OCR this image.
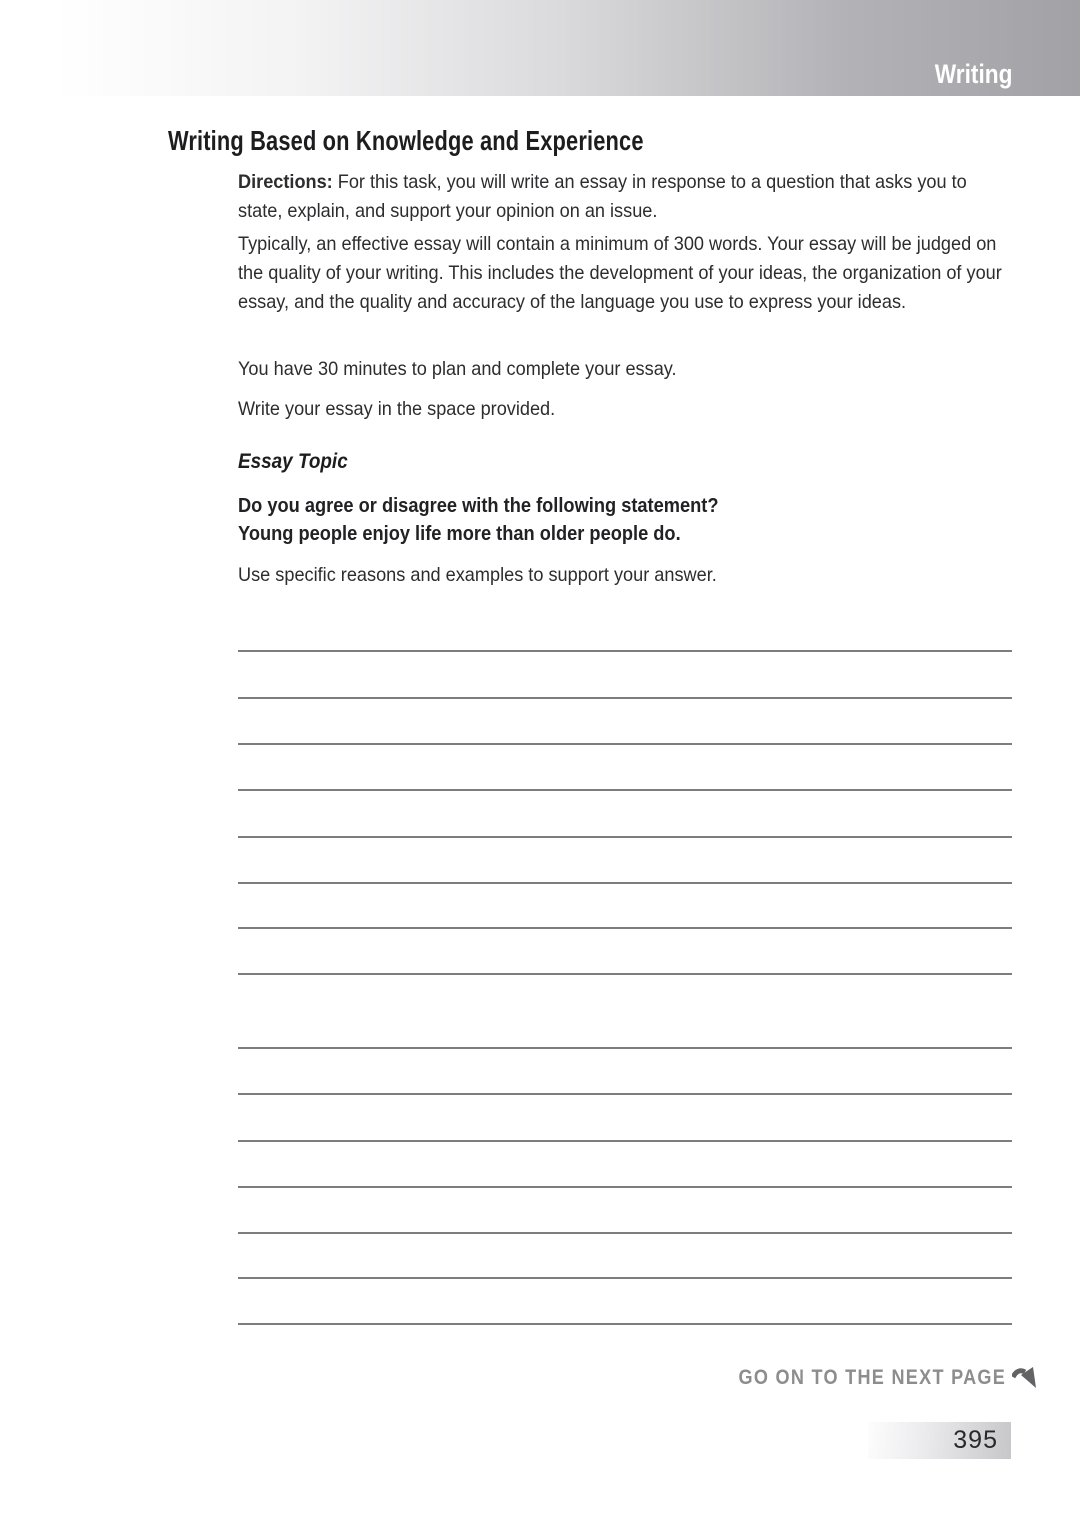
Writing
Writing Based on Knowledge and Experience

Directions: For this task, you will write an essay in response to a question that asks you to state, explain, and support your opinion on an issue.

Typically, an effective essay will contain a minimum of 300 words. Your essay will be judged on the quality of your writing. This includes the development of your ideas, the organization of your essay, and the quality and accuracy of the language you use to express your ideas.

You have 30 minutes to plan and complete your essay.

Write your essay in the space provided.

Essay Topic
Do you agree or disagree with the following statement?
Young people enjoy life more than older people do.

Use specific reasons and examples to support your answer.

GO ON TO THE NEXT PAGE
395
